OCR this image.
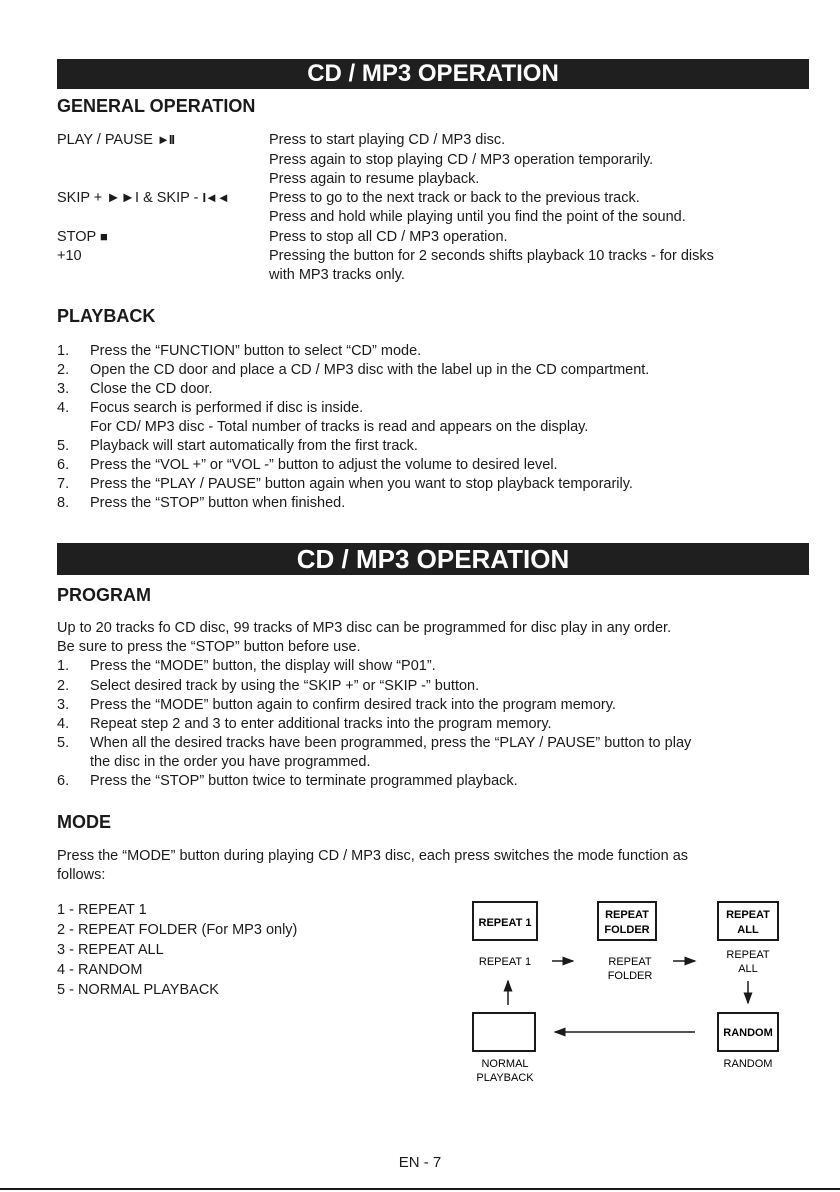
CD / MP3 OPERATION
GENERAL OPERATION
PLAY / PAUSE ►II	Press to start playing CD / MP3 disc.
Press again to stop playing CD / MP3 operation temporarily.
Press again to resume playback.
SKIP + ►►I & SKIP - I◄◄	Press to go to the next track or back to the previous track.
Press and hold while playing until you find the point of the sound.
STOP ■	Press to stop all CD / MP3 operation.
+10	Pressing the button for 2 seconds shifts playback 10 tracks - for disks
with MP3 tracks only.
PLAYBACK
1.	Press the “FUNCTION” button to select “CD” mode.
2.	Open the CD door and place a CD / MP3 disc with the label up in the CD compartment.
3.	Close the CD door.
4.	Focus search is performed if disc is inside.
For CD/ MP3 disc - Total number of tracks is read and appears on the display.
5.	Playback will start automatically from the first track.
6.	Press the “VOL +” or “VOL -” button to adjust the volume to desired level.
7.	Press the “PLAY / PAUSE” button again when you want to stop playback temporarily.
8.	Press the “STOP” button when finished.
CD / MP3 OPERATION
PROGRAM
Up to 20 tracks fo CD disc, 99 tracks of MP3 disc can be programmed for disc play in any order.
Be sure to press the “STOP” button before use.
1.	Press the “MODE” button, the display will show “P01”.
2.	Select desired track by using the “SKIP +” or “SKIP -” button.
3.	Press the “MODE” button again to confirm desired track into the program memory.
4.	Repeat step 2 and 3 to enter additional tracks into the program memory.
5.	When all the desired tracks have been programmed, press the “PLAY / PAUSE” button to play
the disc in the order you have programmed.
6.	Press the “STOP” button twice to terminate programmed playback.
MODE
Press the “MODE” button during playing CD / MP3 disc, each press switches the mode function as
follows:
1 - REPEAT 1
2 - REPEAT FOLDER (For MP3 only)
3 - REPEAT ALL
4 - RANDOM
5 - NORMAL PLAYBACK
REPEAT 1
REPEAT 1
REPEAT
FOLDER
REPEAT
FOLDER
REPEAT
ALL
REPEAT
ALL
RANDOM
RANDOM
NORMAL
PLAYBACK
EN - 7
